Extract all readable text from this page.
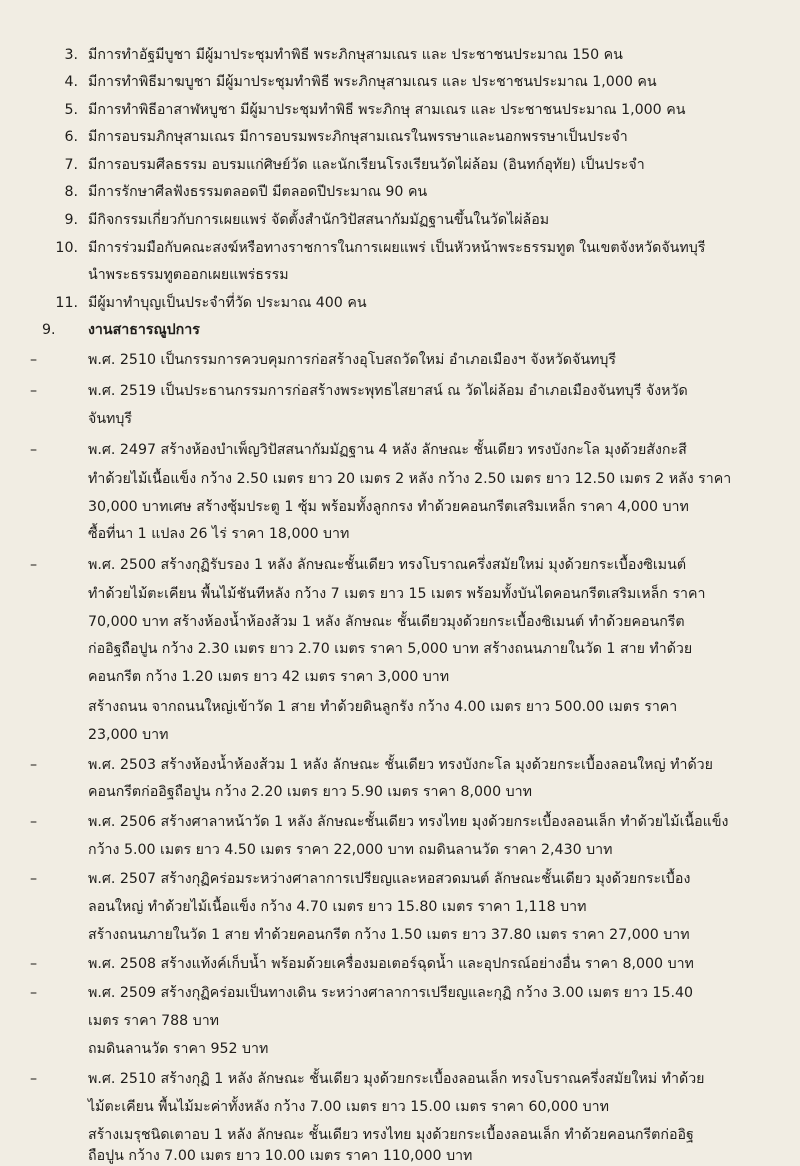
3. มีการทำอัฐมีบูชา มีผู้มาประชุมทำพิธี พระภิกษุสามเณร และ ประชาชนประมาณ 150 คน
4. มีการทำพิธีมาฆบูชา มีผู้มาประชุมทำพิธี พระภิกษุสามเณร และ ประชาชนประมาณ 1,000 คน
5. มีการทำพิธีอาสาฬหบูชา มีผู้มาประชุมทำพิธี พระภิกษุ สามเณร และ ประชาชนประมาณ 1,000 คน
6. มีการอบรมภิกษุสามเณร มีการอบรมพระภิกษุสามเณรในพรรษาและนอกพรรษาเป็นประจำ
7. มีการอบรมศีลธรรม อบรมแก่ศิษย์วัด และนักเรียนโรงเรียนวัดไผ่ล้อม (อินทก์อุทัย) เป็นประจำ
8. มีการรักษาศีลฟังธรรมตลอดปี มีตลอดปีประมาณ 90 คน
9. มีกิจกรรมเกี่ยวกับการเผยแพร่ จัดตั้งสำนักวิปัสสนากัมมัฏฐานขึ้นในวัดไผ่ล้อม
10. มีการร่วมมือกับคณะสงฆ์หรือทางราชการในการเผยแพร่ เป็นหัวหน้าพระธรรมทูต ในเขตจังหวัดจันทบุรี
นำพระธรรมทูตออกเผยแพร่ธรรม
11. มีผู้มาทำบุญเป็นประจำที่วัด ประมาณ 400 คน
9. งานสาธารณูปการ
–	พ.ศ. 2510 เป็นกรรมการควบคุมการก่อสร้างอุโบสถวัดใหม่ อำเภอเมืองฯ จังหวัดจันทบุรี
–	พ.ศ. 2519 เป็นประธานกรรมการก่อสร้างพระพุทธไสยาสน์ ณ วัดไผ่ล้อม อำเภอเมืองจันทบุรี จังหวัด
จันทบุรี
–	พ.ศ. 2497 สร้างห้องบำเพ็ญวิปัสสนากัมมัฏฐาน 4 หลัง ลักษณะ ชั้นเดียว ทรงบังกะโล มุงด้วยสังกะสี
ทำด้วยไม้เนื้อแข็ง กว้าง 2.50 เมตร ยาว 20 เมตร 2 หลัง กว้าง 2.50 เมตร ยาว 12.50 เมตร 2 หลัง ราคา
30,000 บาทเศษ สร้างซุ้มประตู 1 ซุ้ม พร้อมทั้งลูกกรง ทำด้วยคอนกรีตเสริมเหล็ก ราคา 4,000 บาท
ซื้อที่นา 1 แปลง 26 ไร่ ราคา 18,000 บาท
–	พ.ศ. 2500 สร้างกุฏิรับรอง 1 หลัง ลักษณะชั้นเดียว ทรงโบราณครึ่งสมัยใหม่ มุงด้วยกระเบื้องซิเมนต์
ทำด้วยไม้ตะเคียน พื้นไม้ชันทีหลัง กว้าง 7 เมตร ยาว 15 เมตร พร้อมทั้งบันไดคอนกรีตเสริมเหล็ก ราคา
70,000 บาท สร้างห้องน้ำห้องส้วม 1 หลัง ลักษณะ ชั้นเดียวมุงด้วยกระเบื้องซิเมนต์ ทำด้วยคอนกรีต
ก่ออิฐถือปูน กว้าง 2.30 เมตร ยาว 2.70 เมตร ราคา 5,000 บาท สร้างถนนภายในวัด 1 สาย ทำด้วย
คอนกรีต กว้าง 1.20 เมตร ยาว 42 เมตร ราคา 3,000 บาท
สร้างถนน จากถนนใหญ่เข้าวัด 1 สาย ทำด้วยดินลูกรัง กว้าง 4.00 เมตร ยาว 500.00 เมตร ราคา
23,000 บาท
–	พ.ศ. 2503 สร้างห้องน้ำห้องส้วม 1 หลัง ลักษณะ ชั้นเดียว ทรงบังกะโล มุงด้วยกระเบื้องลอนใหญ่ ทำด้วย
คอนกรีตก่ออิฐถือปูน กว้าง 2.20 เมตร ยาว 5.90 เมตร ราคา 8,000 บาท
–	พ.ศ. 2506 สร้างศาลาหน้าวัด 1 หลัง ลักษณะชั้นเดียว ทรงไทย มุงด้วยกระเบื้องลอนเล็ก ทำด้วยไม้เนื้อแข็ง
กว้าง 5.00 เมตร ยาว 4.50 เมตร ราคา 22,000 บาท ถมดินลานวัด ราคา 2,430 บาท
–	พ.ศ. 2507 สร้างกุฏิคร่อมระหว่างศาลาการเปรียญและหอสวดมนต์ ลักษณะชั้นเดียว มุงด้วยกระเบื้อง
ลอนใหญ่ ทำด้วยไม้เนื้อแข็ง กว้าง 4.70 เมตร ยาว 15.80 เมตร ราคา 1,118 บาท
สร้างถนนภายในวัด 1 สาย ทำด้วยคอนกรีต กว้าง 1.50 เมตร ยาว 37.80 เมตร ราคา 27,000 บาท
–	พ.ศ. 2508 สร้างแท้งค์เก็บน้ำ พร้อมด้วยเครื่องมอเตอร์ฉุดน้ำ และอุปกรณ์อย่างอื่น ราคา 8,000 บาท
–	พ.ศ. 2509 สร้างกุฏิคร่อมเป็นทางเดิน ระหว่างศาลาการเปรียญและกุฏิ กว้าง 3.00 เมตร ยาว 15.40
เมตร ราคา 788 บาท
ถมดินลานวัด ราคา 952 บาท
–	พ.ศ. 2510 สร้างกุฏิ 1 หลัง ลักษณะ ชั้นเดียว มุงด้วยกระเบื้องลอนเล็ก ทรงโบราณครึ่งสมัยใหม่ ทำด้วย
ไม้ตะเคียน พื้นไม้มะค่าทั้งหลัง กว้าง 7.00 เมตร ยาว 15.00 เมตร ราคา 60,000 บาท
สร้างเมรุชนิดเตาอบ 1 หลัง ลักษณะ ชั้นเดียว ทรงไทย มุงด้วยกระเบื้องลอนเล็ก ทำด้วยคอนกรีตก่ออิฐ
ถือปูน กว้าง 7.00 เมตร ยาว 10.00 เมตร ราคา 110,000 บาท
